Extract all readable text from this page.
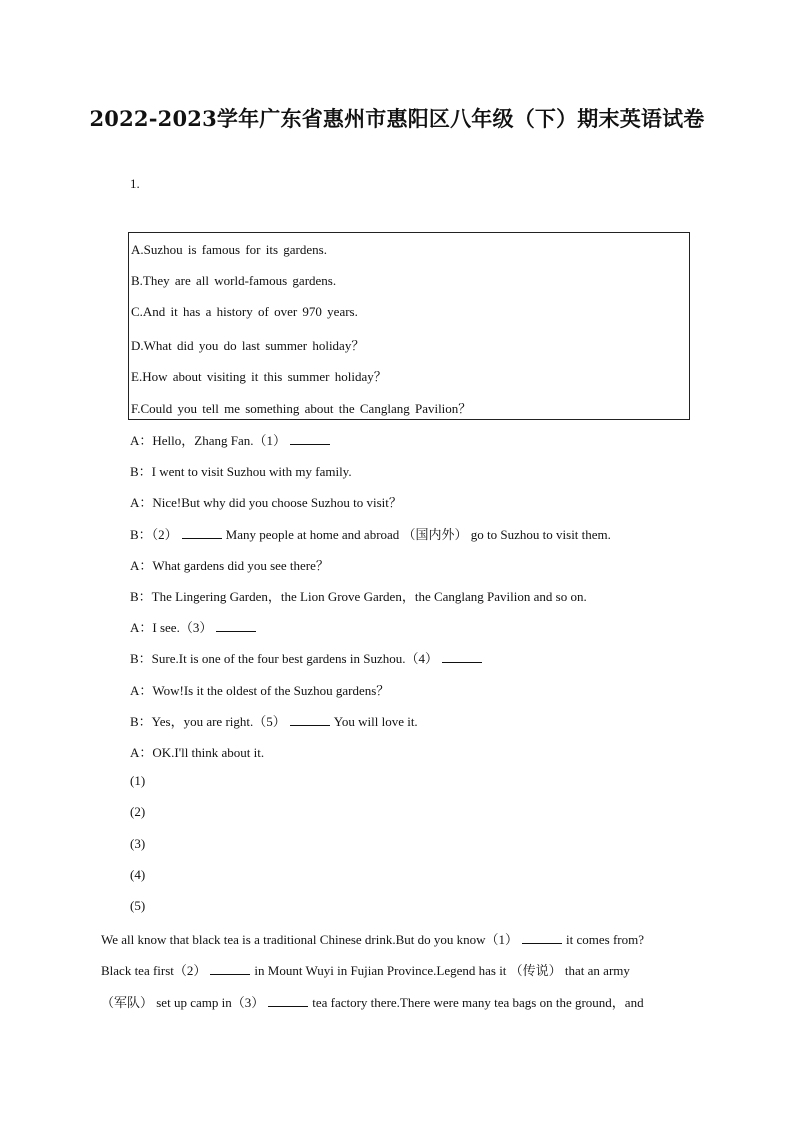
2022-2023学年广东省惠州市惠阳区八年级（下）期末英语试卷
1.
A.Suzhou is famous for its gardens.
B.They are all world-famous gardens.
C.And it has a history of over 970 years.
D.What did you do last summer holiday？
E.How about visiting it this summer holiday？
F.Could you tell me something about the Canglang Pavilion？
A：Hello，Zhang Fan.（1）
B：I went to visit Suzhou with my family.
A：Nice!But why did you choose Suzhou to visit？
B：（2）	Many people at home and abroad （国内外） go to Suzhou to visit them.
A：What gardens did you see there？
B：The Lingering Garden，the Lion Grove Garden，the Canglang Pavilion and so on.
A：I see.（3）
B：Sure.It is one of the four best gardens in Suzhou.（4）
A：Wow!Is it the oldest of the Suzhou gardens？
B：Yes，you are right.（5）	You will love it.
A：OK.I'll think about it.
(1)
(2)
(3)
(4)
(5)
We all know that black tea is a traditional Chinese drink.But do you know（1）	it comes from?
Black tea first（2）	in Mount Wuyi in Fujian Province.Legend has it （传说） that an army
（军队） set up camp in（3）	tea factory there.There were many tea bags on the ground，and
